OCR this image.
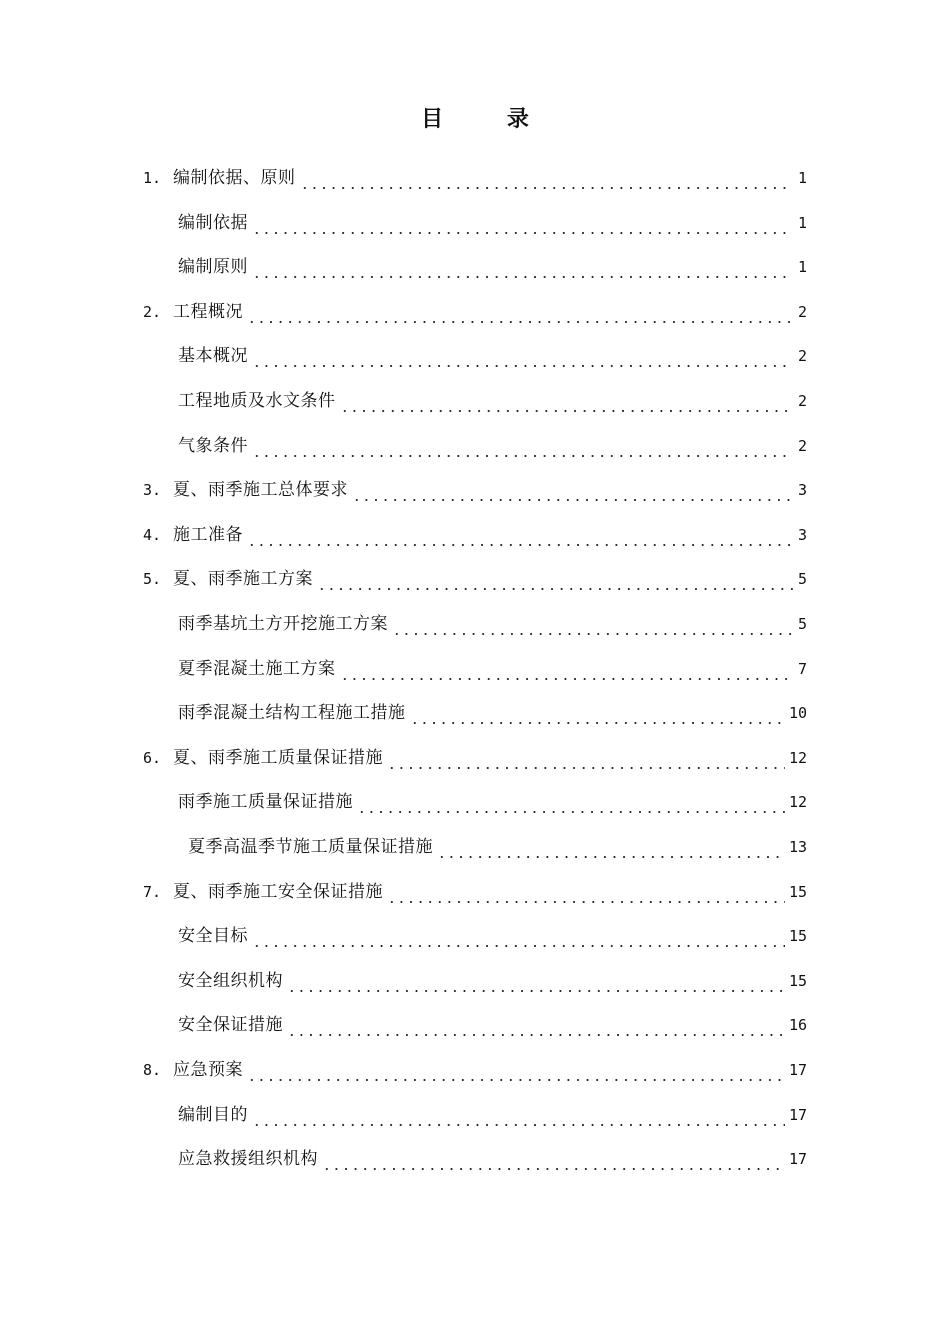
目 录
1. 编制依据、原则	1
编制依据	1
编制原则	1
2. 工程概况	2
基本概况	2
工程地质及水文条件	2
气象条件	2
3. 夏、雨季施工总体要求	3
4. 施工准备	3
5. 夏、雨季施工方案	5
雨季基坑土方开挖施工方案	5
夏季混凝土施工方案	7
雨季混凝土结构工程施工措施	10
6. 夏、雨季施工质量保证措施	12
雨季施工质量保证措施	12
夏季高温季节施工质量保证措施	13
7. 夏、雨季施工安全保证措施	15
安全目标	15
安全组织机构	15
安全保证措施	16
8. 应急预案	17
编制目的	17
应急救援组织机构	17
